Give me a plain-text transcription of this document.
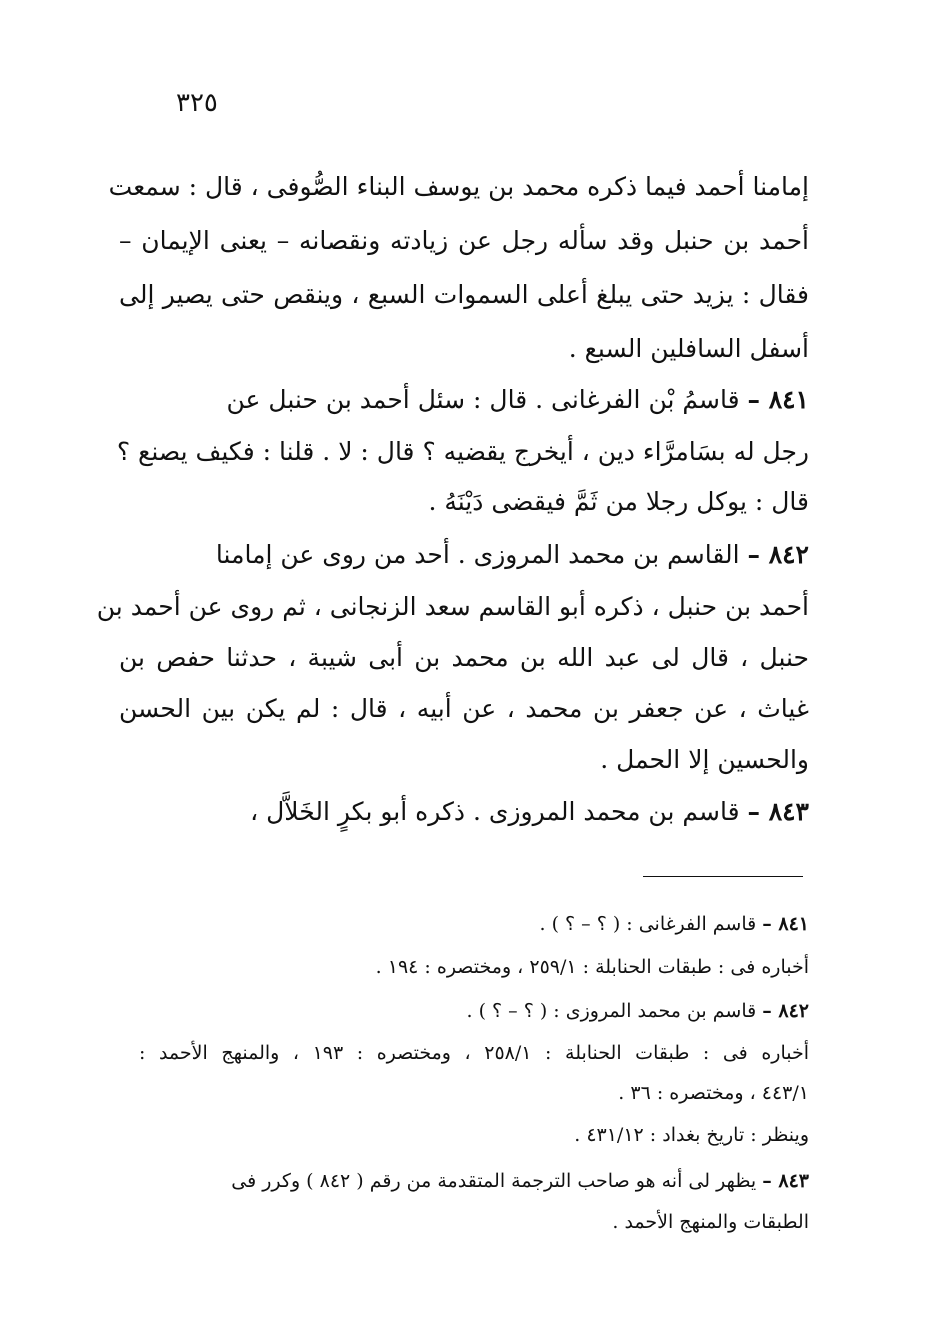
٣٢٥
إمامنا أحمد فيما ذكره محمد بن يوسف البناء الصُّوفى ، قال : سمعت
أحمد بن حنبل وقد سأله رجل عن زيادته ونقصانه – يعنى الإيمان –
فقال : يزيد حتى يبلغ أعلى السموات السبع ، وينقص حتى يصير إلى
أسفل السافلين السبع .
٨٤١ – قاسمُ بْن الفرغانى . قال : سئل أحمد بن حنبل عن
رجل له بسَامرَّاء دين ، أيخرج يقضيه ؟ قال : لا . قلنا : فكيف يصنع ؟
قال : يوكل رجلا من ثَمَّ فيقضى دَيْنَهُ .
٨٤٢ – القاسم بن محمد المروزى . أحد من روى عن إمامنا
أحمد بن حنبل ، ذكره أبو القاسم سعد الزنجانى ، ثم روى عن أحمد بن
حنبل ، قال لى عبد الله بن محمد بن أبى شيبة ، حدثنا حفص بن
غياث ، عن جعفر بن محمد ، عن أبيه ، قال : لم يكن بين الحسن
والحسين إلا الحمل .
٨٤٣ – قاسم بن محمد المروزى . ذكره أبو بكرٍ الخَلاَّل ،
٨٤١ – قاسم الفرغانى : ( ؟ – ؟ ) .
أخباره فى : طبقات الحنابلة : ٢٥٩/١ ، ومختصره : ١٩٤ .
٨٤٢ – قاسم بن محمد المروزى : ( ؟ – ؟ ) .
أخباره فى : طبقات الحنابلة : ٢٥٨/١ ، ومختصره : ١٩٣ ، والمنهج الأحمد :
٤٤٣/١ ، ومختصره : ٣٦ .
وينظر : تاريخ بغداد : ٤٣١/١٢ .
٨٤٣ – يظهر لى أنه هو صاحب الترجمة المتقدمة من رقم ( ٨٤٢ ) وكرر فى
الطبقات والمنهج الأحمد .
